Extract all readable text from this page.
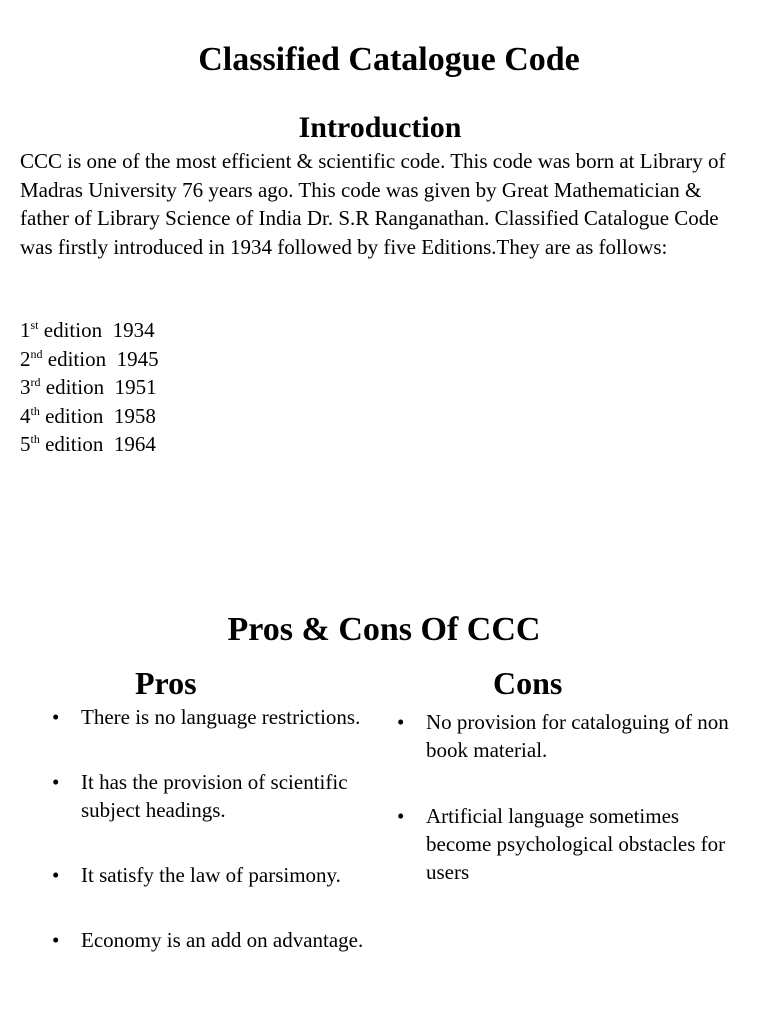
Classified Catalogue Code
Introduction

CCC is one of the most efficient & scientific code. This code was born at Library of Madras University 76 years ago. This code was given by Great Mathematician & father of Library Science of India Dr. S.R Ranganathan. Classified Catalogue Code was firstly introduced in 1934 followed by five Editions.They are as follows:

1st edition 1934
2nd edition 1945
3rd edition 1951
4th edition 1958
5th edition 1964
Pros & Cons Of CCC
Pros	Cons
• There is no language restrictions.
• It has the provision of scientific subject headings.
• It satisfy the law of parsimony.
• Economy is an add on advantage.
• No provision for cataloguing of non book material.
• Artificial language sometimes become psychological obstacles for users
